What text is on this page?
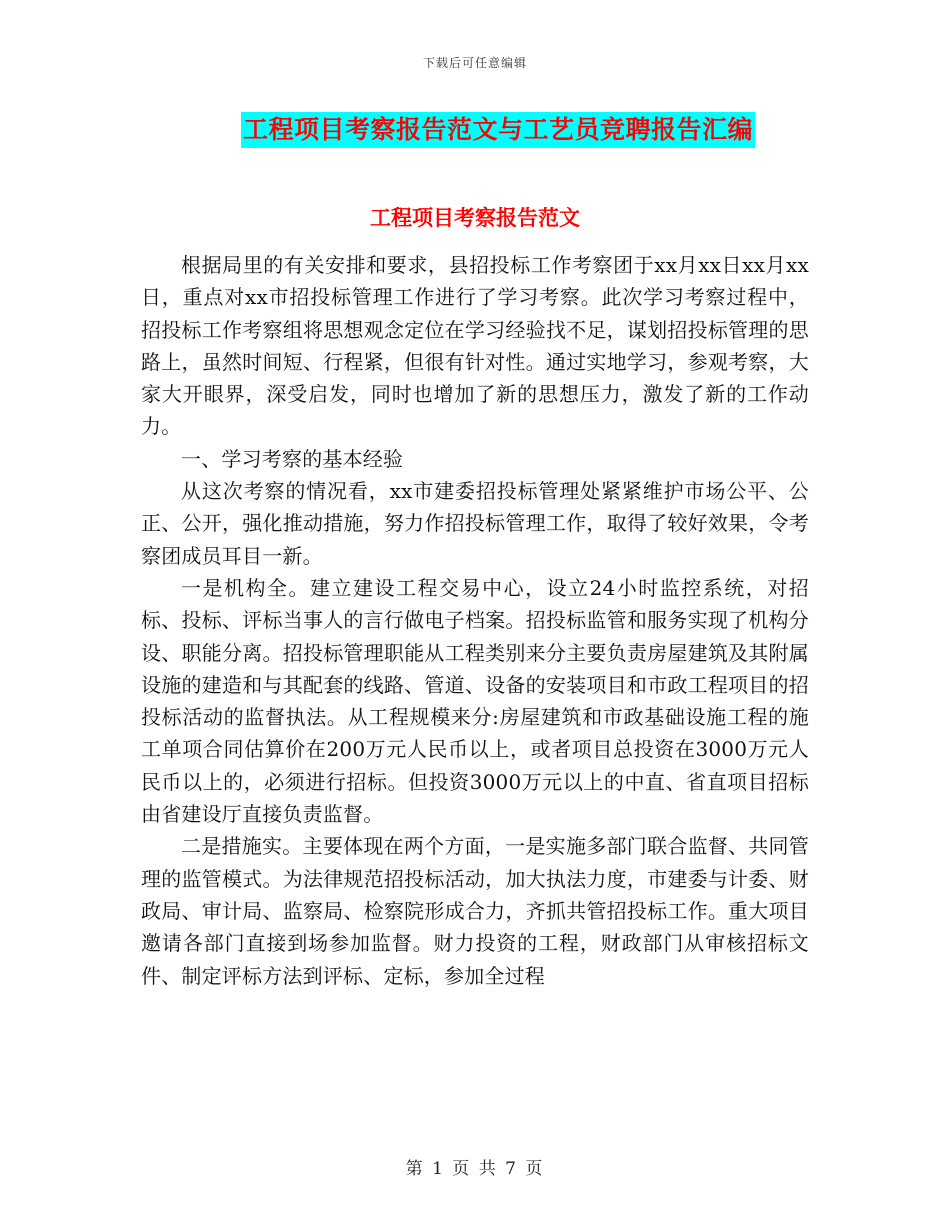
下载后可任意编辑
工程项目考察报告范文与工艺员竞聘报告汇编
工程项目考察报告范文

根据局里的有关安排和要求，县招投标工作考察团于xx月xx日xx月xx日，重点对xx市招投标管理工作进行了学习考察。此次学习考察过程中，招投标工作考察组将思想观念定位在学习经验找不足，谋划招投标管理的思路上，虽然时间短、行程紧，但很有针对性。通过实地学习，参观考察，大家大开眼界，深受启发，同时也增加了新的思想压力，激发了新的工作动力。

一、学习考察的基本经验

从这次考察的情况看，xx市建委招投标管理处紧紧维护市场公平、公正、公开，强化推动措施，努力作招投标管理工作，取得了较好效果，令考察团成员耳目一新。

一是机构全。建立建设工程交易中心，设立24小时监控系统，对招标、投标、评标当事人的言行做电子档案。招投标监管和服务实现了机构分设、职能分离。招投标管理职能从工程类别来分主要负责房屋建筑及其附属设施的建造和与其配套的线路、管道、设备的安装项目和市政工程项目的招投标活动的监督执法。从工程规模来分:房屋建筑和市政基础设施工程的施工单项合同估算价在200万元人民币以上，或者项目总投资在3000万元人民币以上的，必须进行招标。但投资3000万元以上的中直、省直项目招标由省建设厅直接负责监督。

二是措施实。主要体现在两个方面，一是实施多部门联合监督、共同管理的监管模式。为法律规范招投标活动，加大执法力度，市建委与计委、财政局、审计局、监察局、检察院形成合力，齐抓共管招投标工作。重大项目邀请各部门直接到场参加监督。财力投资的工程，财政部门从审核招标文件、制定评标方法到评标、定标，参加全过程

第 1 页 共 7 页
